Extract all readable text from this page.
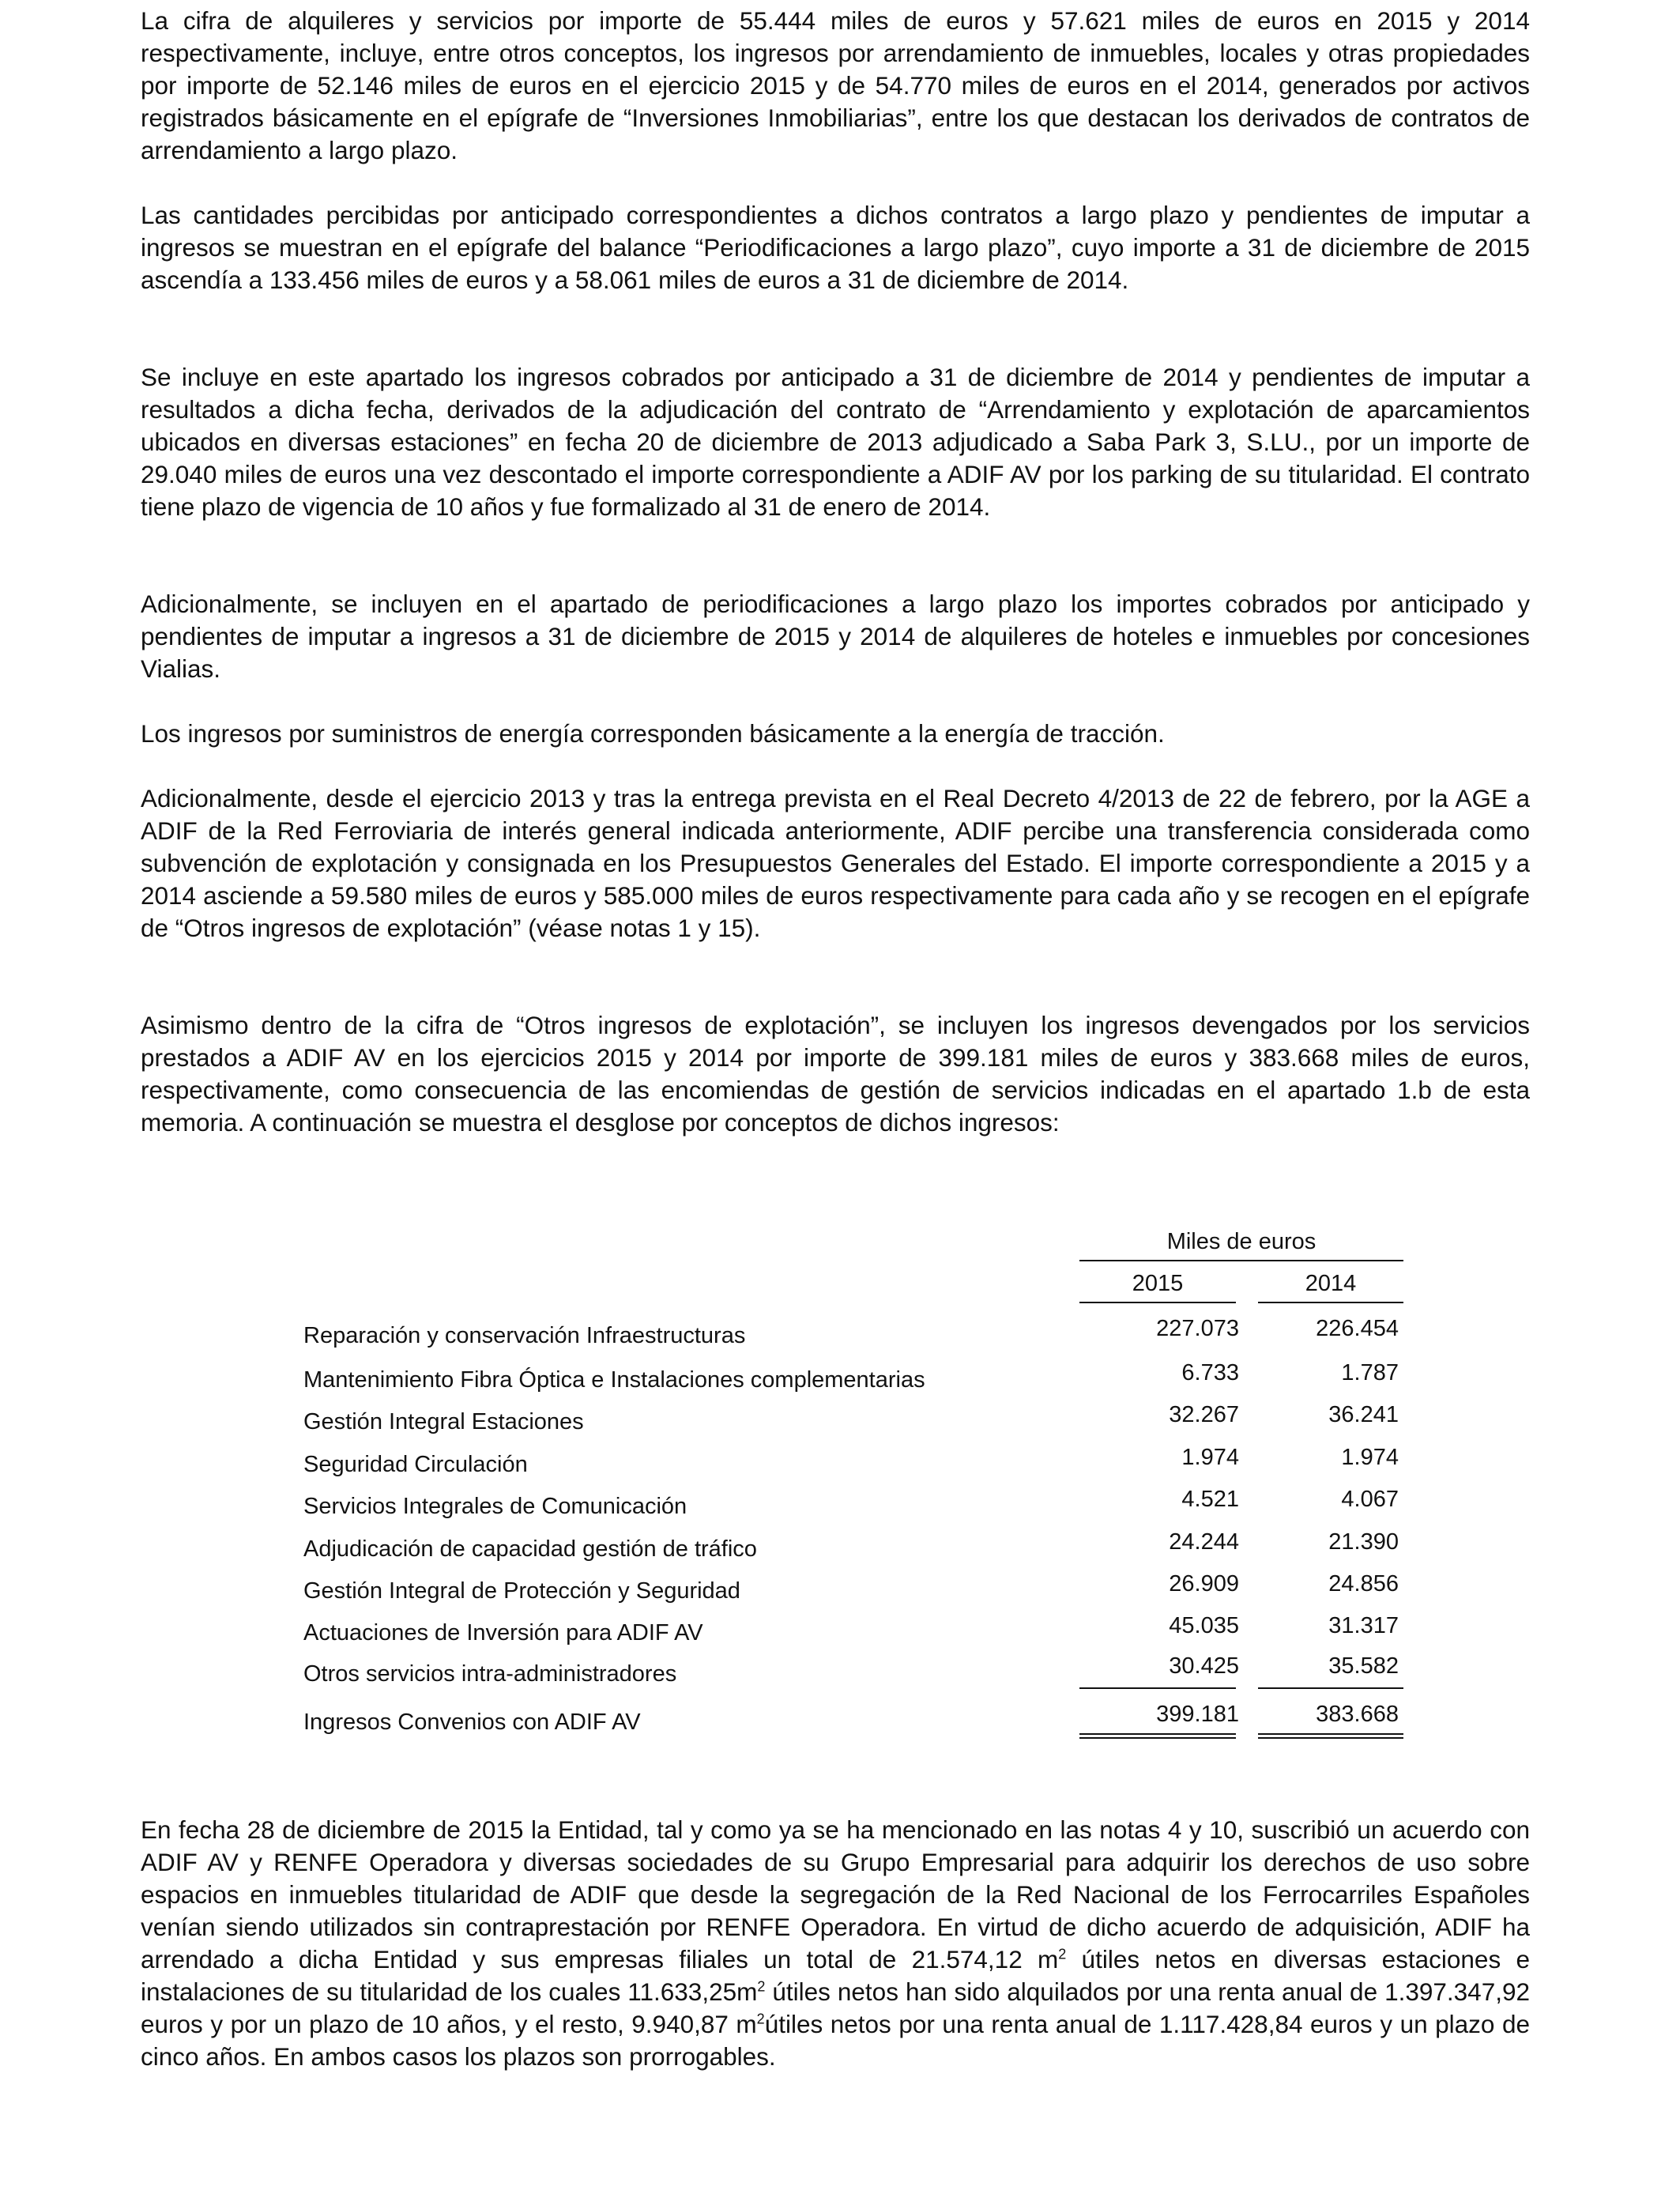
La cifra de alquileres y servicios por importe de 55.444 miles de euros y 57.621 miles de euros en 2015 y 2014 respectivamente, incluye, entre otros conceptos, los ingresos por arrendamiento de inmuebles, locales y otras propiedades por importe de 52.146 miles de euros en el ejercicio 2015 y de 54.770 miles de euros en el 2014, generados por activos registrados básicamente en el epígrafe de “Inversiones Inmobiliarias”, entre los que destacan los derivados de contratos de arrendamiento a largo plazo.

Las cantidades percibidas por anticipado correspondientes a dichos contratos a largo plazo y pendientes de imputar a ingresos se muestran en el epígrafe del balance “Periodificaciones a largo plazo”, cuyo importe a 31 de diciembre de 2015 ascendía a 133.456 miles de euros y a 58.061 miles de euros a 31 de diciembre de 2014.

Se incluye en este apartado los ingresos cobrados por anticipado a 31 de diciembre de 2014 y pendientes de imputar a resultados a dicha fecha, derivados de la adjudicación del contrato de “Arrendamiento y explotación de aparcamientos ubicados en diversas estaciones” en fecha 20 de diciembre de 2013 adjudicado a Saba Park 3, S.LU., por un importe de 29.040 miles de euros una vez descontado el importe correspondiente a ADIF AV por los parking de su titularidad. El contrato tiene plazo de vigencia de 10 años y fue formalizado al 31 de enero de 2014.

Adicionalmente, se incluyen en el apartado de periodificaciones a largo plazo los importes cobrados por anticipado y pendientes de imputar a ingresos a 31 de diciembre de 2015 y 2014 de alquileres de hoteles e inmuebles por concesiones Vialias.

Los ingresos por suministros de energía corresponden básicamente a la energía de tracción.

Adicionalmente, desde el ejercicio 2013 y tras la entrega prevista en el Real Decreto 4/2013 de 22 de febrero, por la AGE a ADIF de la Red Ferroviaria de interés general indicada anteriormente, ADIF percibe una transferencia considerada como subvención de explotación y consignada en los Presupuestos Generales del Estado. El importe correspondiente a 2015 y a 2014 asciende a 59.580 miles de euros y 585.000 miles de euros respectivamente para cada año y se recogen en el epígrafe de “Otros ingresos de explotación” (véase notas 1 y 15).

Asimismo dentro de la cifra de “Otros ingresos de explotación”, se incluyen los ingresos devengados por los servicios prestados a ADIF AV en los ejercicios 2015 y 2014 por importe de 399.181 miles de euros y 383.668 miles de euros, respectivamente, como consecuencia de las encomiendas de gestión de servicios indicadas en el apartado 1.b de esta memoria. A continuación se muestra el desglose por conceptos de dichos ingresos:

Miles de euros
2015	2014
Reparación y conservación Infraestructuras	227.073	226.454
Mantenimiento Fibra Óptica e Instalaciones complementarias	6.733	1.787
Gestión Integral Estaciones	32.267	36.241
Seguridad Circulación	1.974	1.974
Servicios Integrales de Comunicación	4.521	4.067
Adjudicación de capacidad gestión de tráfico	24.244	21.390
Gestión Integral de Protección y Seguridad	26.909	24.856
Actuaciones de Inversión para ADIF AV	45.035	31.317
Otros servicios intra-administradores	30.425	35.582
Ingresos Convenios con ADIF AV	399.181	383.668

En fecha 28 de diciembre de 2015 la Entidad, tal y como ya se ha mencionado en las notas 4 y 10, suscribió un acuerdo con ADIF AV y RENFE Operadora y diversas sociedades de su Grupo Empresarial para adquirir los derechos de uso sobre espacios en inmuebles titularidad de ADIF que desde la segregación de la Red Nacional de los Ferrocarriles Españoles venían siendo utilizados sin contraprestación por RENFE Operadora. En virtud de dicho acuerdo de adquisición, ADIF ha arrendado a dicha Entidad y sus empresas filiales un total de 21.574,12 $m^2$ útiles netos en diversas estaciones e instalaciones de su titularidad de los cuales $11.633,25m^2$ útiles netos han sido alquilados por una renta anual de 1.397.347,92 euros y por un plazo de 10 años, y el resto, 9.940,87 $m^2útiles$ netos por una renta anual de 1.117.428,84 euros y un plazo de cinco años. En ambos casos los plazos son prorrogables.
